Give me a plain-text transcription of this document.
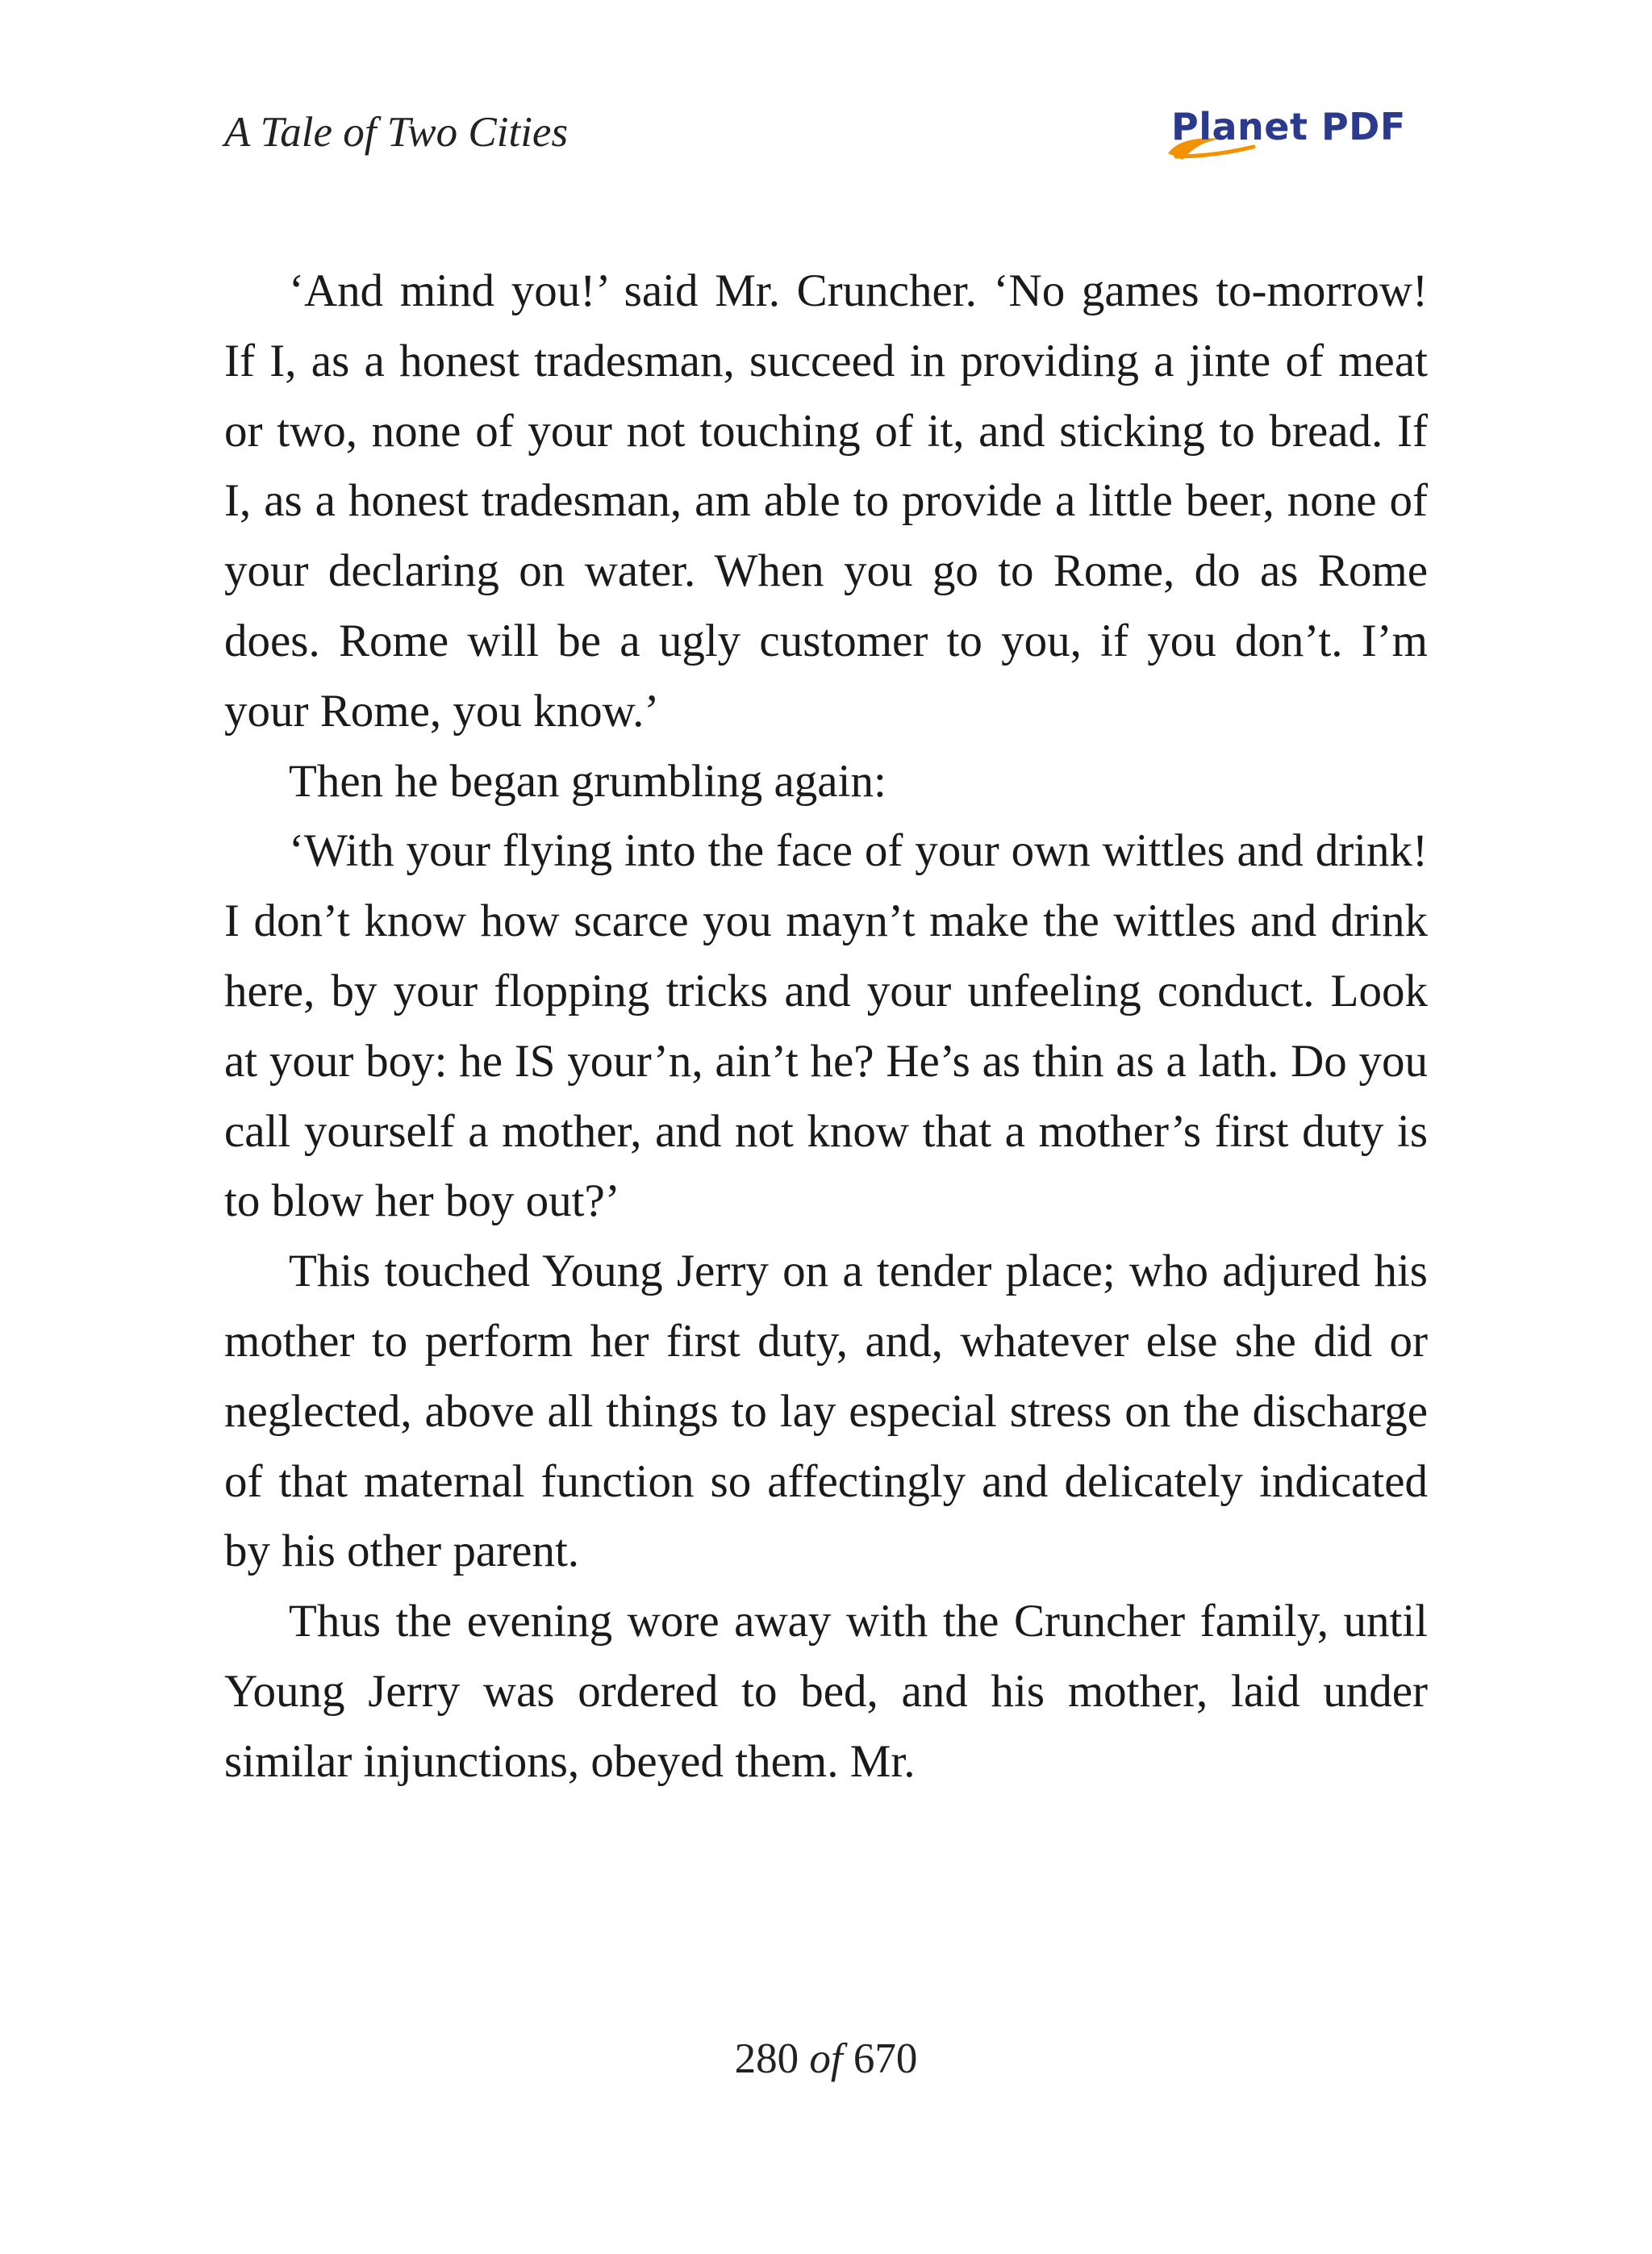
A Tale of Two Cities	Planet PDF

‘And mind you!’ said Mr. Cruncher. ‘No games to-morrow! If I, as a honest tradesman, succeed in providing a jinte of meat or two, none of your not touching of it, and sticking to bread. If I, as a honest tradesman, am able to provide a little beer, none of your declaring on water. When you go to Rome, do as Rome does. Rome will be a ugly customer to you, if you don’t. I’m your Rome, you know.’

Then he began grumbling again:

‘With your flying into the face of your own wittles and drink! I don’t know how scarce you mayn’t make the wittles and drink here, by your flopping tricks and your unfeeling conduct. Look at your boy: he IS your’n, ain’t he? He’s as thin as a lath. Do you call yourself a mother, and not know that a mother’s first duty is to blow her boy out?’

This touched Young Jerry on a tender place; who adjured his mother to perform her first duty, and, whatever else she did or neglected, above all things to lay especial stress on the discharge of that maternal function so affectingly and delicately indicated by his other parent.

Thus the evening wore away with the Cruncher family, until Young Jerry was ordered to bed, and his mother, laid under similar injunctions, obeyed them. Mr.

280 of 670
